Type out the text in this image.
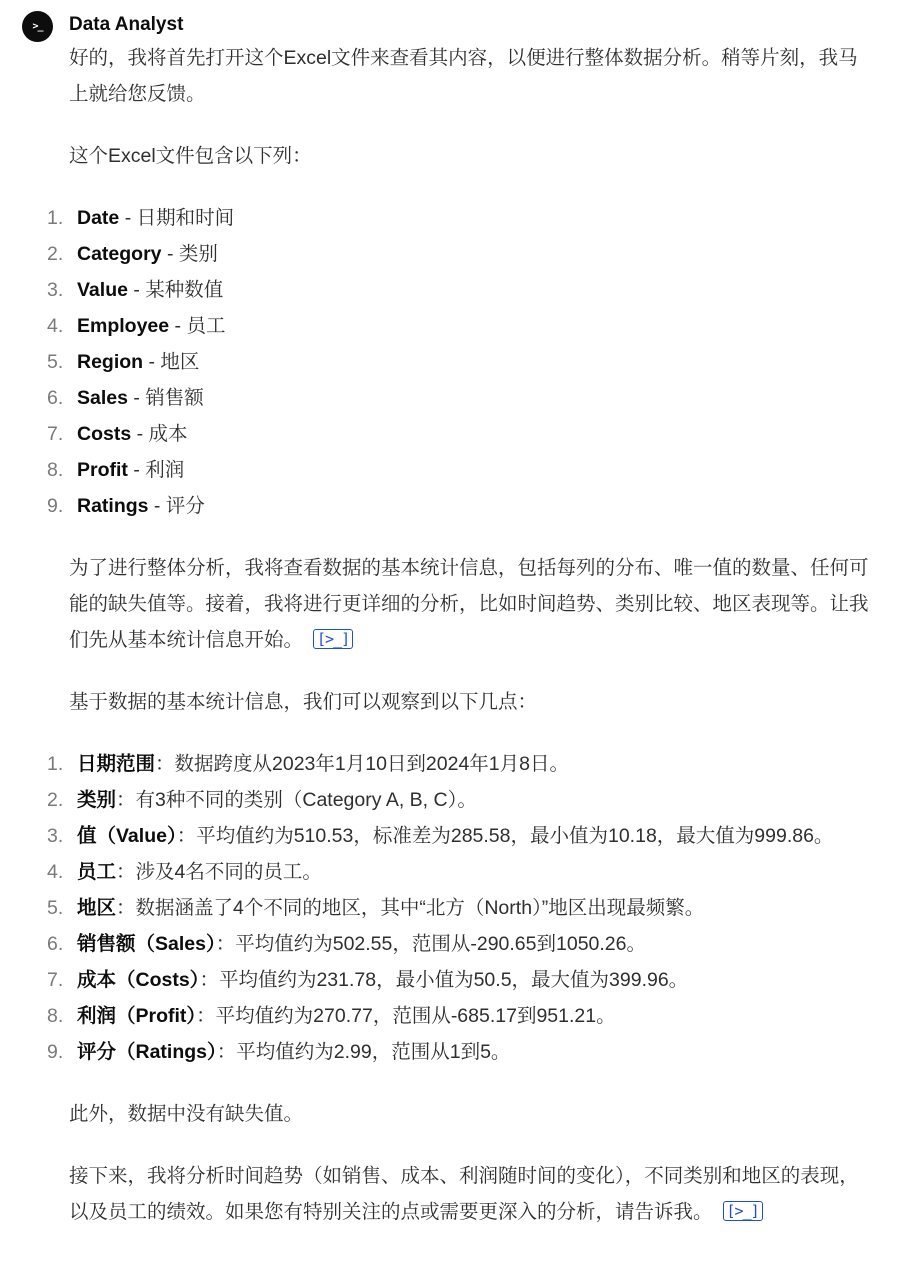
>_ Data Analyst

好的，我将首先打开这个Excel文件来查看其内容，以便进行整体数据分析。稍等片刻，我马上就给您反馈。

这个Excel文件包含以下列：

1. Date - 日期和时间
2. Category - 类别
3. Value - 某种数值
4. Employee - 员工
5. Region - 地区
6. Sales - 销售额
7. Costs - 成本
8. Profit - 利润
9. Ratings - 评分

为了进行整体分析，我将查看数据的基本统计信息，包括每列的分布、唯一值的数量、任何可能的缺失值等。接着，我将进行更详细的分析，比如时间趋势、类别比较、地区表现等。让我们先从基本统计信息开始。 [>_]

基于数据的基本统计信息，我们可以观察到以下几点：

1. 日期范围：数据跨度从2023年1月10日到2024年1月8日。
2. 类别：有3种不同的类别（Category A, B, C）。
3. 值（Value）：平均值约为510.53，标准差为285.58，最小值为10.18，最大值为999.86。
4. 员工：涉及4名不同的员工。
5. 地区：数据涵盖了4个不同的地区，其中“北方（North）”地区出现最频繁。
6. 销售额（Sales）：平均值约为502.55，范围从-290.65到1050.26。
7. 成本（Costs）：平均值约为231.78，最小值为50.5，最大值为399.96。
8. 利润（Profit）：平均值约为270.77，范围从-685.17到951.21。
9. 评分（Ratings）：平均值约为2.99，范围从1到5。

此外，数据中没有缺失值。

接下来，我将分析时间趋势（如销售、成本、利润随时间的变化），不同类别和地区的表现，以及员工的绩效。如果您有特别关注的点或需要更深入的分析，请告诉我。 [>_]
